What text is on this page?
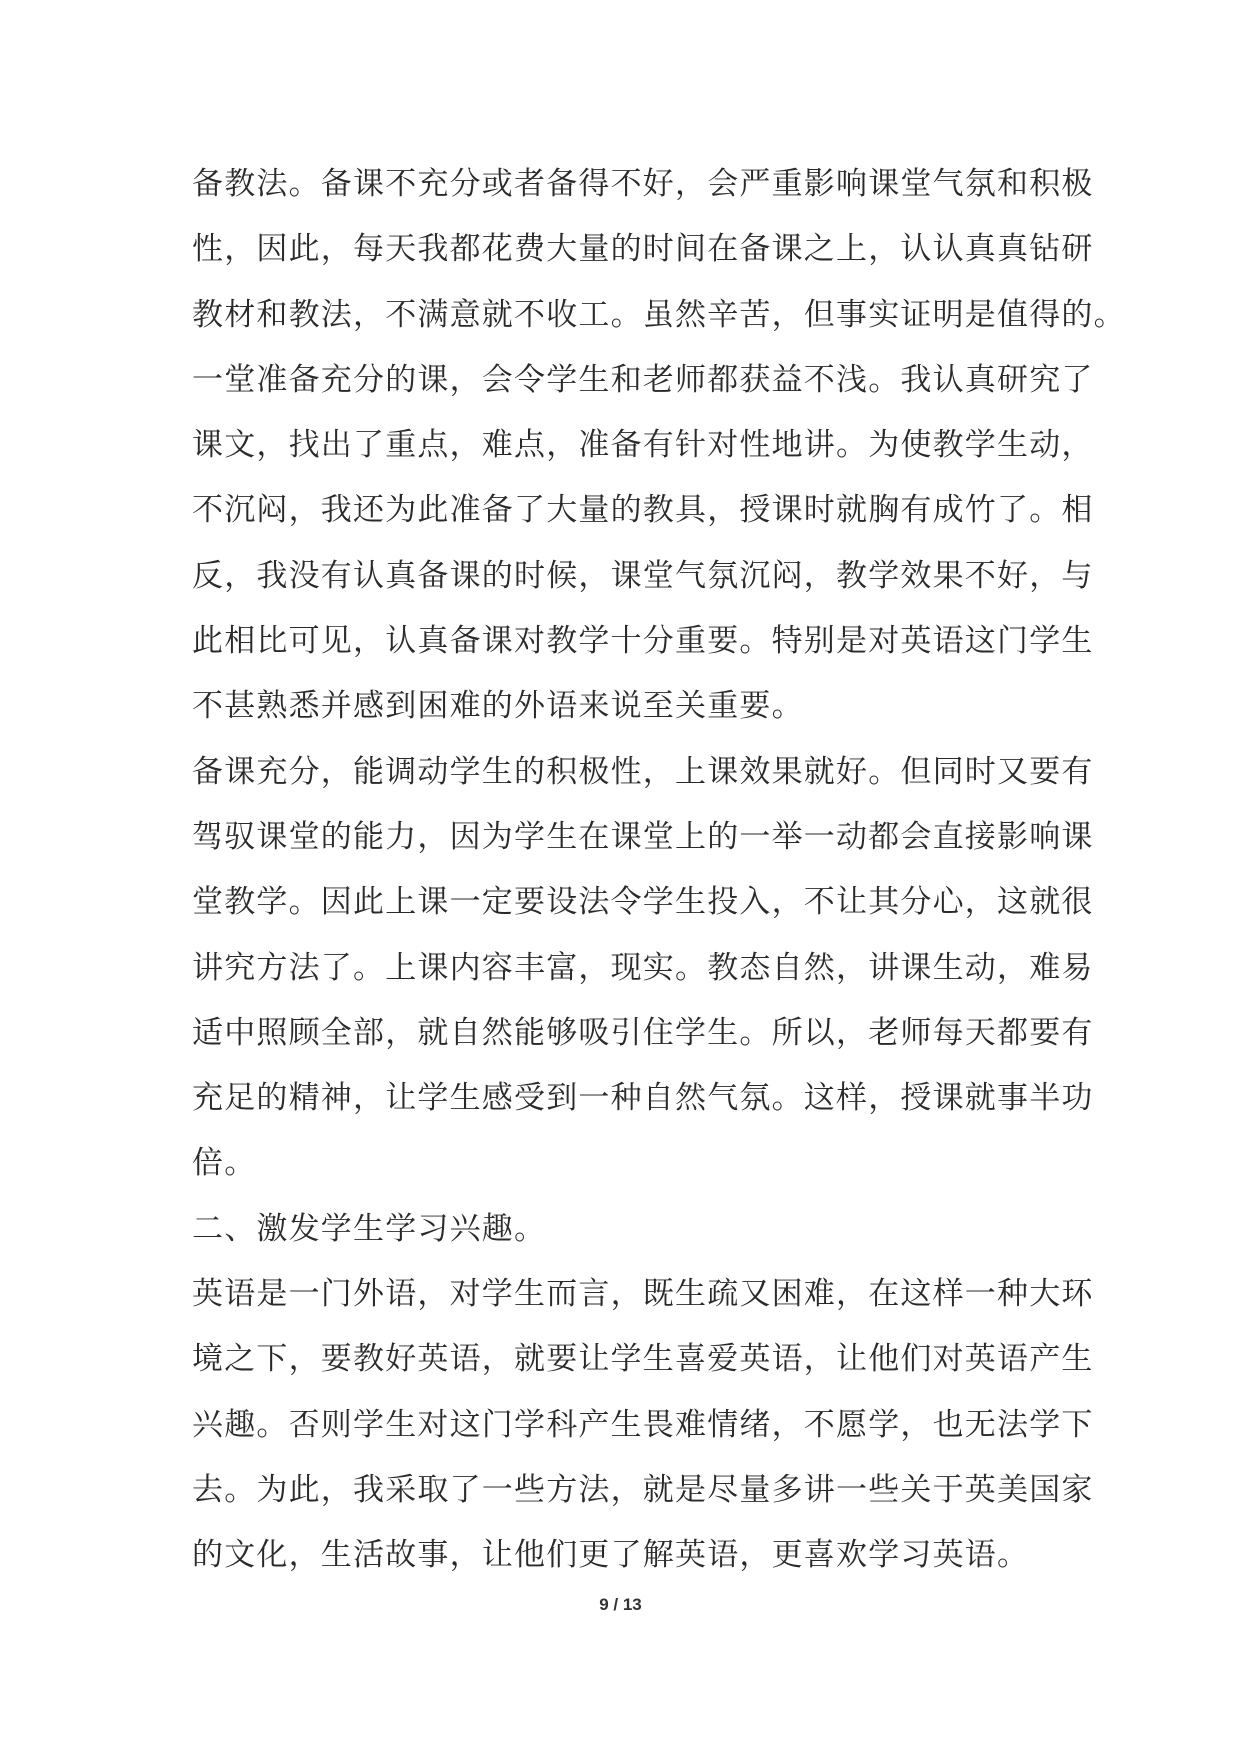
备教法。备课不充分或者备得不好，会严重影响课堂气氛和积极
性，因此，每天我都花费大量的时间在备课之上，认认真真钻研
教材和教法，不满意就不收工。虽然辛苦，但事实证明是值得的。
一堂准备充分的课，会令学生和老师都获益不浅。我认真研究了
课文，找出了重点，难点，准备有针对性地讲。为使教学生动，
不沉闷，我还为此准备了大量的教具，授课时就胸有成竹了。相
反，我没有认真备课的时候，课堂气氛沉闷，教学效果不好，与
此相比可见，认真备课对教学十分重要。特别是对英语这门学生
不甚熟悉并感到困难的外语来说至关重要。
备课充分，能调动学生的积极性，上课效果就好。但同时又要有
驾驭课堂的能力，因为学生在课堂上的一举一动都会直接影响课
堂教学。因此上课一定要设法令学生投入，不让其分心，这就很
讲究方法了。上课内容丰富，现实。教态自然，讲课生动，难易
适中照顾全部，就自然能够吸引住学生。所以，老师每天都要有
充足的精神，让学生感受到一种自然气氛。这样，授课就事半功
倍。
二、激发学生学习兴趣。
英语是一门外语，对学生而言，既生疏又困难，在这样一种大环
境之下，要教好英语，就要让学生喜爱英语，让他们对英语产生
兴趣。否则学生对这门学科产生畏难情绪，不愿学，也无法学下
去。为此，我采取了一些方法，就是尽量多讲一些关于英美国家
的文化，生活故事，让他们更了解英语，更喜欢学习英语。
9 / 13
